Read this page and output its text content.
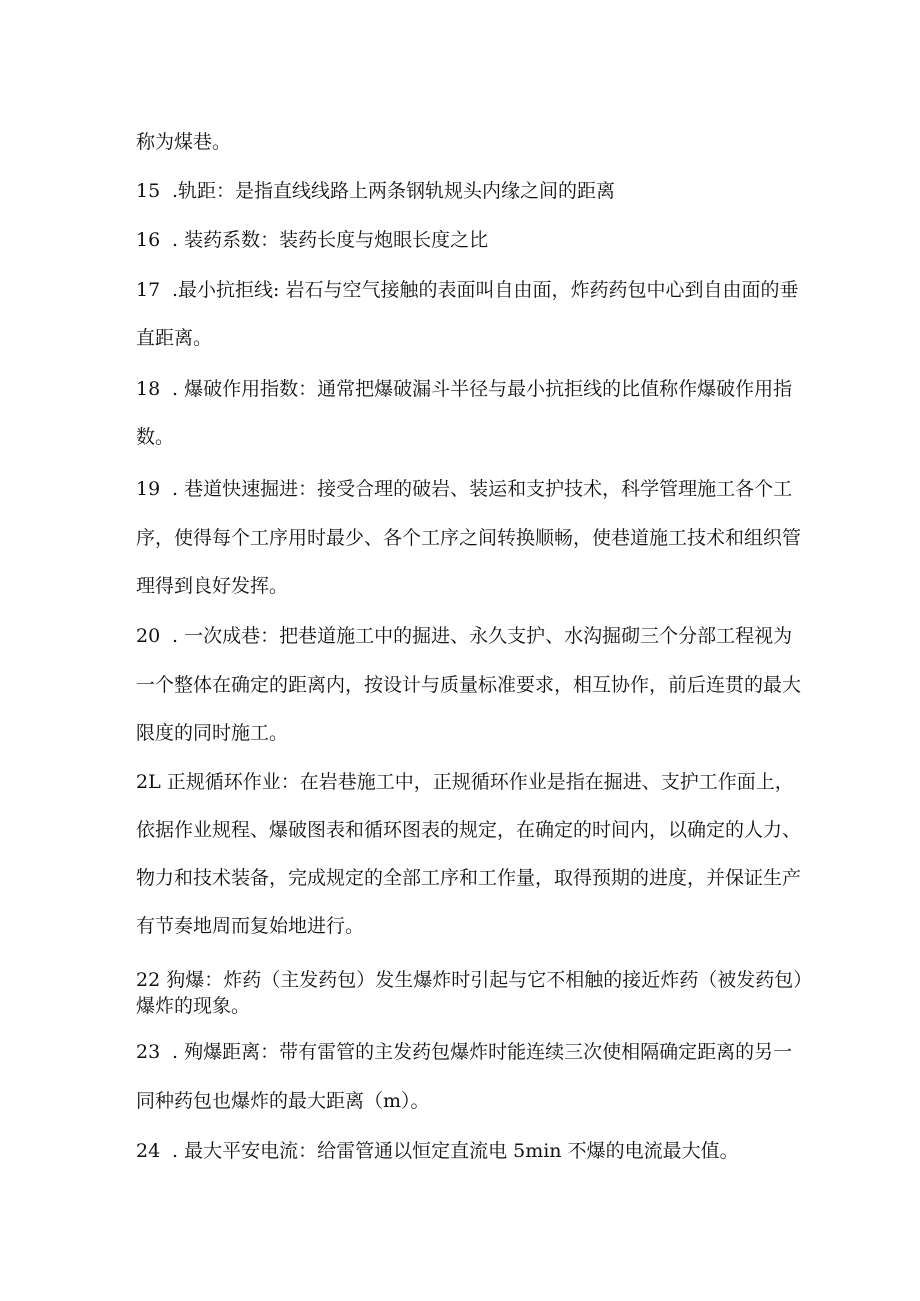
称为煤巷。
15 .轨距：是指直线线路上两条钢轨规头内缘之间的距离
16 . 装药系数：装药长度与炮眼长度之比
17 .最小抗拒线: 岩石与空气接触的表面叫自由面，炸药药包中心到自由面的垂
直距离。
18 . 爆破作用指数：通常把爆破漏斗半径与最小抗拒线的比值称作爆破作用指
数。
19 . 巷道快速掘进：接受合理的破岩、装运和支护技术，科学管理施工各个工
序，使得每个工序用时最少、各个工序之间转换顺畅，使巷道施工技术和组织管
理得到良好发挥。
20 . 一次成巷：把巷道施工中的掘进、永久支护、水沟掘砌三个分部工程视为
一个整体在确定的距离内，按设计与质量标准要求，相互协作，前后连贯的最大
限度的同时施工。
2L 正规循环作业：在岩巷施工中，正规循环作业是指在掘进、支护工作面上，
依据作业规程、爆破图表和循环图表的规定，在确定的时间内，以确定的人力、
物力和技术装备，完成规定的全部工序和工作量，取得预期的进度，并保证生产
有节奏地周而复始地进行。
22 狗爆：炸药（主发药包）发生爆炸时引起与它不相触的接近炸药（被发药包）
爆炸的现象。
23 . 殉爆距离：带有雷管的主发药包爆炸时能连续三次使相隔确定距离的另一
同种药包也爆炸的最大距离（m）。
24 . 最大平安电流：给雷管通以恒定直流电 5min 不爆的电流最大值。
